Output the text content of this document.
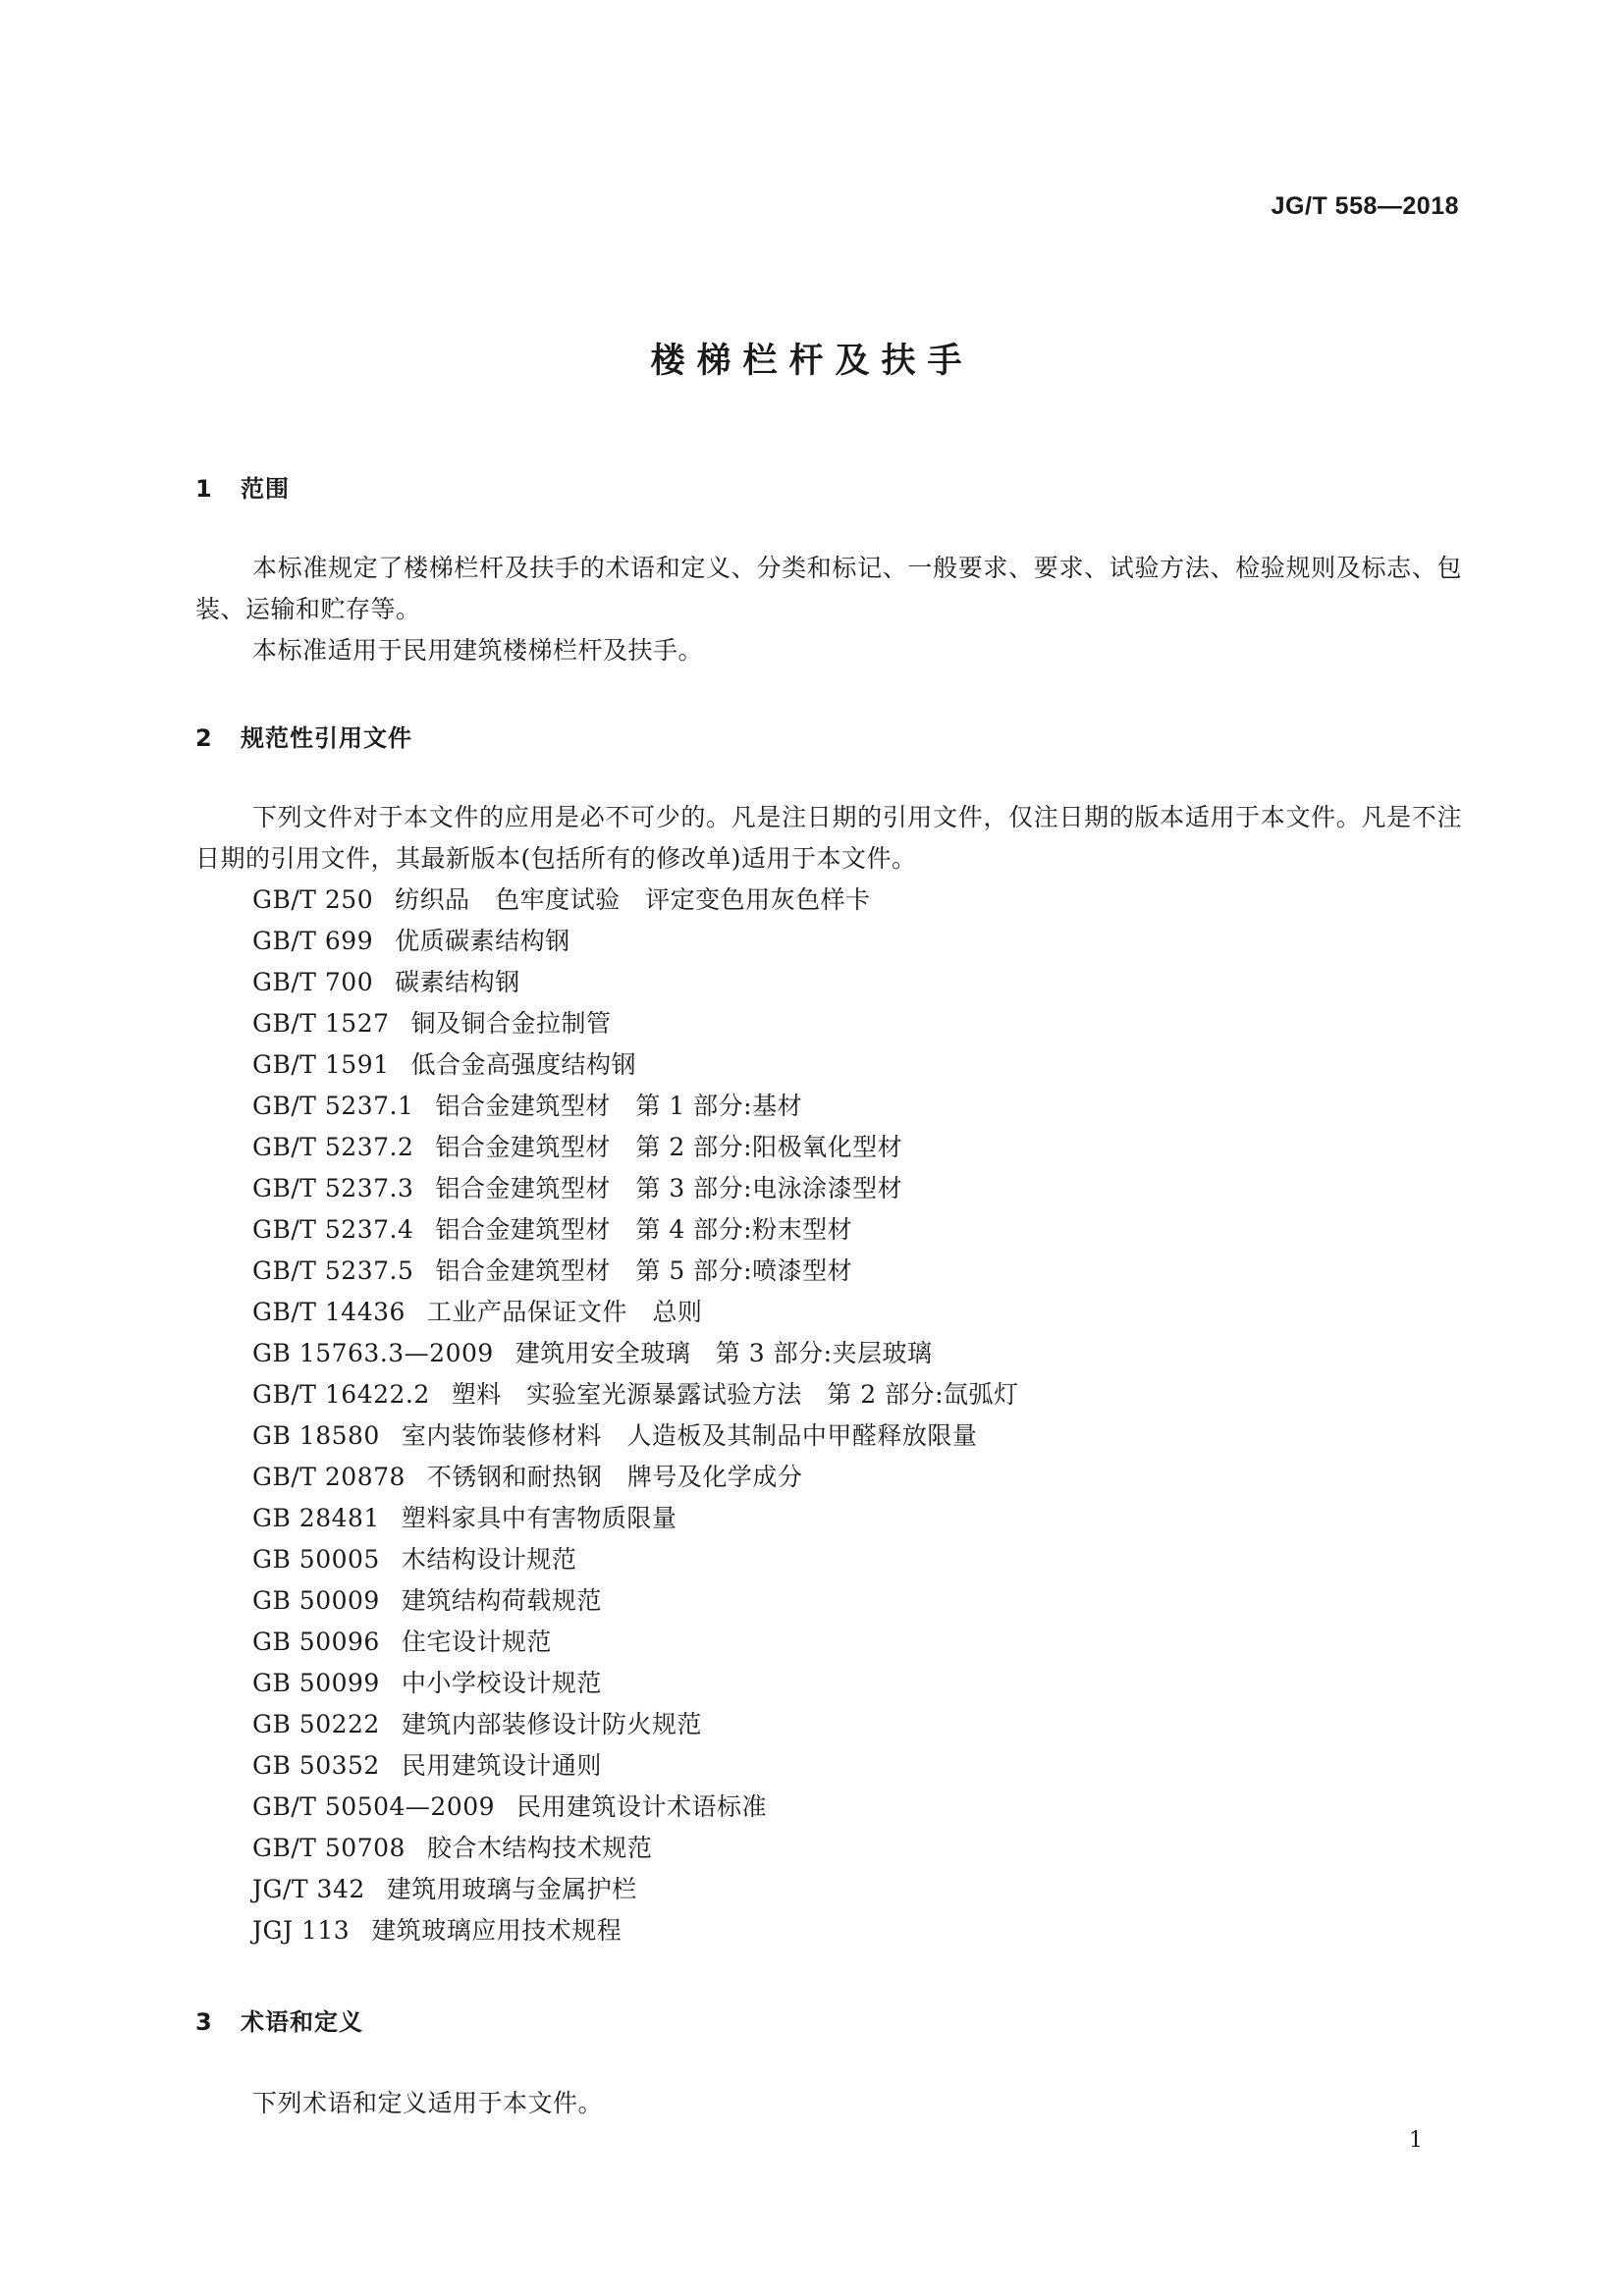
JG/T 558—2018
楼梯栏杆及扶手
1 范围
本标准规定了楼梯栏杆及扶手的术语和定义、分类和标记、一般要求、要求、试验方法、检验规则及标志、包装、运输和贮存等。
本标准适用于民用建筑楼梯栏杆及扶手。
2 规范性引用文件
下列文件对于本文件的应用是必不可少的。凡是注日期的引用文件，仅注日期的版本适用于本文件。凡是不注日期的引用文件，其最新版本(包括所有的修改单)适用于本文件。
GB/T 250 纺织品　色牢度试验　评定变色用灰色样卡
GB/T 699 优质碳素结构钢
GB/T 700 碳素结构钢
GB/T 1527 铜及铜合金拉制管
GB/T 1591 低合金高强度结构钢
GB/T 5237.1 铝合金建筑型材　第 1 部分:基材
GB/T 5237.2 铝合金建筑型材　第 2 部分:阳极氧化型材
GB/T 5237.3 铝合金建筑型材　第 3 部分:电泳涂漆型材
GB/T 5237.4 铝合金建筑型材　第 4 部分:粉末型材
GB/T 5237.5 铝合金建筑型材　第 5 部分:喷漆型材
GB/T 14436 工业产品保证文件　总则
GB 15763.3—2009 建筑用安全玻璃　第 3 部分:夹层玻璃
GB/T 16422.2 塑料　实验室光源暴露试验方法　第 2 部分:氙弧灯
GB 18580 室内装饰装修材料　人造板及其制品中甲醛释放限量
GB/T 20878 不锈钢和耐热钢　牌号及化学成分
GB 28481 塑料家具中有害物质限量
GB 50005 木结构设计规范
GB 50009 建筑结构荷载规范
GB 50096 住宅设计规范
GB 50099 中小学校设计规范
GB 50222 建筑内部装修设计防火规范
GB 50352 民用建筑设计通则
GB/T 50504—2009 民用建筑设计术语标准
GB/T 50708 胶合木结构技术规范
JG/T 342 建筑用玻璃与金属护栏
JGJ 113 建筑玻璃应用技术规程
3 术语和定义
下列术语和定义适用于本文件。
1
